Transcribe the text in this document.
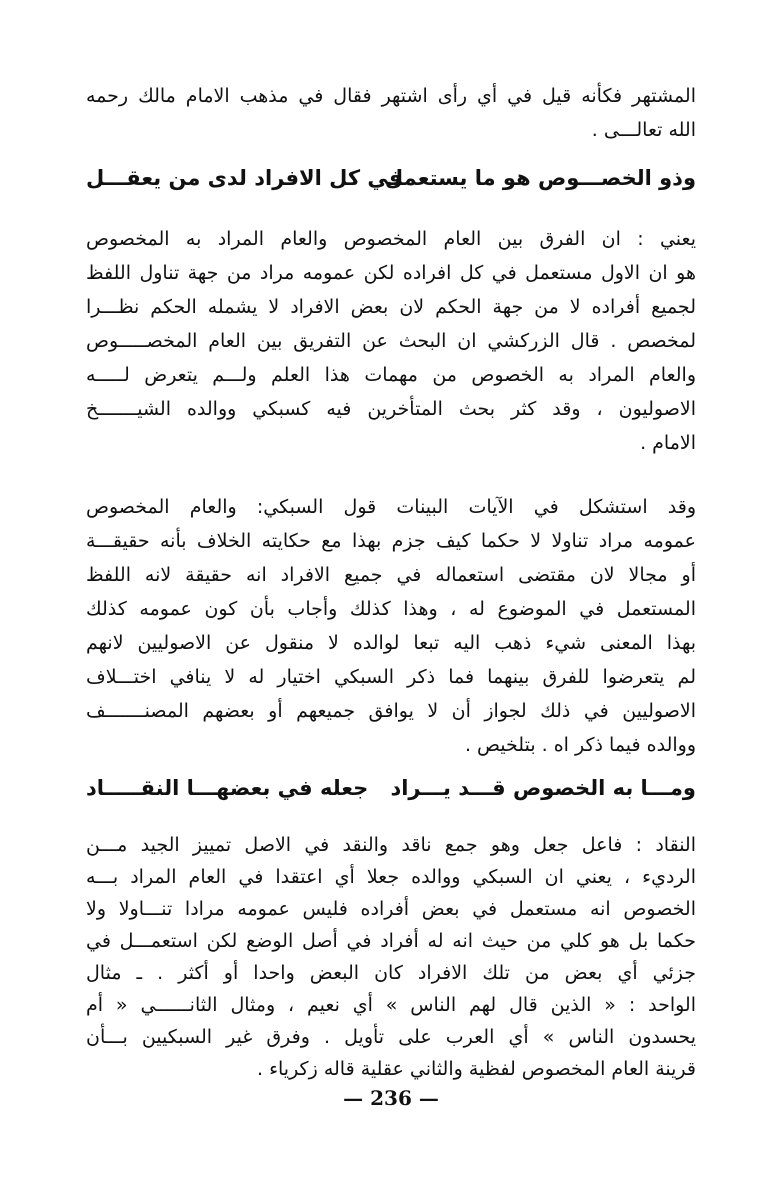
المشتهر فكأنه قيل في أي رأى اشتهر فقال في مذهب الامام مالك رحمه
الله تعالـــى .
وذو الخصـــوص هو ما يستعمل
في كل الافراد لدى من يعقـــل
يعني : ان الفرق بين العام المخصوص والعام المراد به المخصوص
هو ان الاول مستعمل في كل افراده لكن عمومه مراد من جهة تناول اللفظ
لجميع أفراده لا من جهة الحكم لان بعض الافراد لا يشمله الحكم نظـــرا
لمخصص . قال الزركشي ان البحث عن التفريق بين العام المخصـــــوص
والعام المراد به الخصوص من مهمات هذا العلم ولـــم يتعرض لـــــه
الاصوليون ، وقد كثر بحث المتأخرين فيه كسبكي ووالده الشيـــــــخ
الامام .
وقد استشكل في الآيات البينات قول السبكي: والعام المخصوص
عمومه مراد تناولا لا حكما كيف جزم بهذا مع حكايته الخلاف بأنه حقيقـــة
أو مجالا لان مقتضى استعماله في جميع الافراد انه حقيقة لانه اللفظ
المستعمل في الموضوع له ، وهذا كذلك وأجاب بأن كون عمومه كذلك
بهذا المعنى شيء ذهب اليه تبعا لوالده لا منقول عن الاصوليين لانهم
لم يتعرضوا للفرق بينهما فما ذكر السبكي اختيار له لا ينافي اختـــلاف
الاصوليين في ذلك لجواز أن لا يوافق جميعهم أو بعضهم المصنـــــــف
ووالده فيما ذكر اه . بتلخيص .
ومـــا به الخصوص قـــد يـــراد
جعله في بعضهـــا النقـــــاد
النقاد : فاعل جعل وهو جمع ناقد والنقد في الاصل تمييز الجيد مـــن
الرديء ، يعني ان السبكي ووالده جعلا أي اعتقدا في العام المراد بـــه
الخصوص انه مستعمل في بعض أفراده فليس عمومه مرادا تنـــاولا ولا
حكما بل هو كلي من حيث انه له أفراد في أصل الوضع لكن استعمـــل في
جزئي أي بعض من تلك الافراد كان البعض واحدا أو أكثر . ـ مثال
الواحد : « الذين قال لهم الناس » أي نعيم ، ومثال الثانــــــي « أم
يحسدون الناس » أي العرب على تأويل . وفرق غير السبكيين بـــأن
— 236 —
قرينة العام المخصوص لفظية والثاني عقلية قاله زكرياء .
